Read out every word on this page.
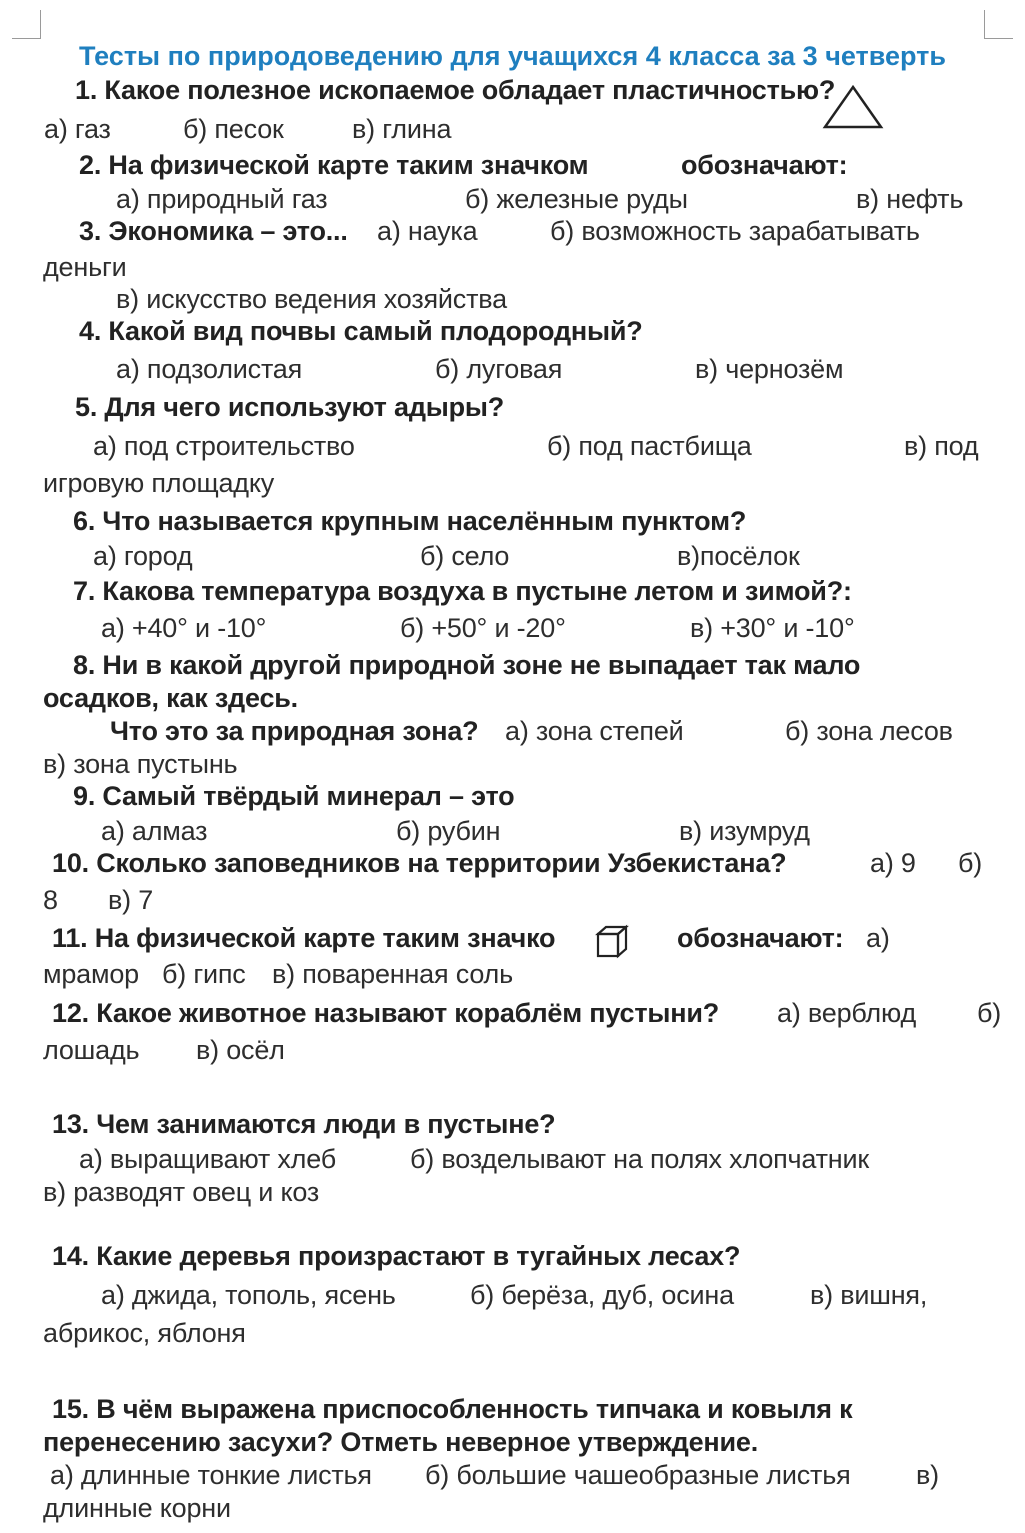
Тесты по природоведению для учащихся 4 класса за 3 четверть
1. Какое полезное ископаемое обладает пластичностью?
а) газ	б) песок	в) глина
2. На физической карте таким значком	обозначают:
а) природный газ	б) железные руды	в) нефть
3. Экономика – это... а) наука	б) возможность зарабатывать
деньги
в) искусство ведения хозяйства
4. Какой вид почвы самый плодородный?
а) подзолистая	б) луговая	в) чернозём
5. Для чего используют адыры?
а) под строительство	б) под пастбища	в) под
игровую площадку
6. Что называется крупным населённым пунктом?
а) город	б) село	в)посёлок
7. Какова температура воздуха в пустыне летом и зимой?:
а) +40° и -10°	б) +50° и -20°	в) +30° и -10°
8. Ни в какой другой природной зоне не выпадает так мало
осадков, как здесь.
Что это за природная зона? а) зона степей	б) зона лесов
в) зона пустынь
9. Самый твёрдый минерал – это
а) алмаз	б) рубин	в) изумруд
10. Сколько заповедников на территории Узбекистана?	а) 9 б)
8 в) 7
11. На физической карте таким значко	обозначают: а)
мрамор б) гипс в) поваренная соль
12. Какое животное называют кораблём пустыни? а) верблюд б)
лошадь в) осёл
13. Чем занимаются люди в пустыне?
а) выращивают хлеб	б) возделывают на полях хлопчатник
в) разводят овец и коз
14. Какие деревья произрастают в тугайных лесах?
а) джида, тополь, ясень	б) берёза, дуб, осина	в) вишня,
абрикос, яблоня
15. В чём выражена приспособленность типчака и ковыля к
перенесению засухи? Отметь неверное утверждение.
а) длинные тонкие листья б) большие чашеобразные листья в)
длинные корни
